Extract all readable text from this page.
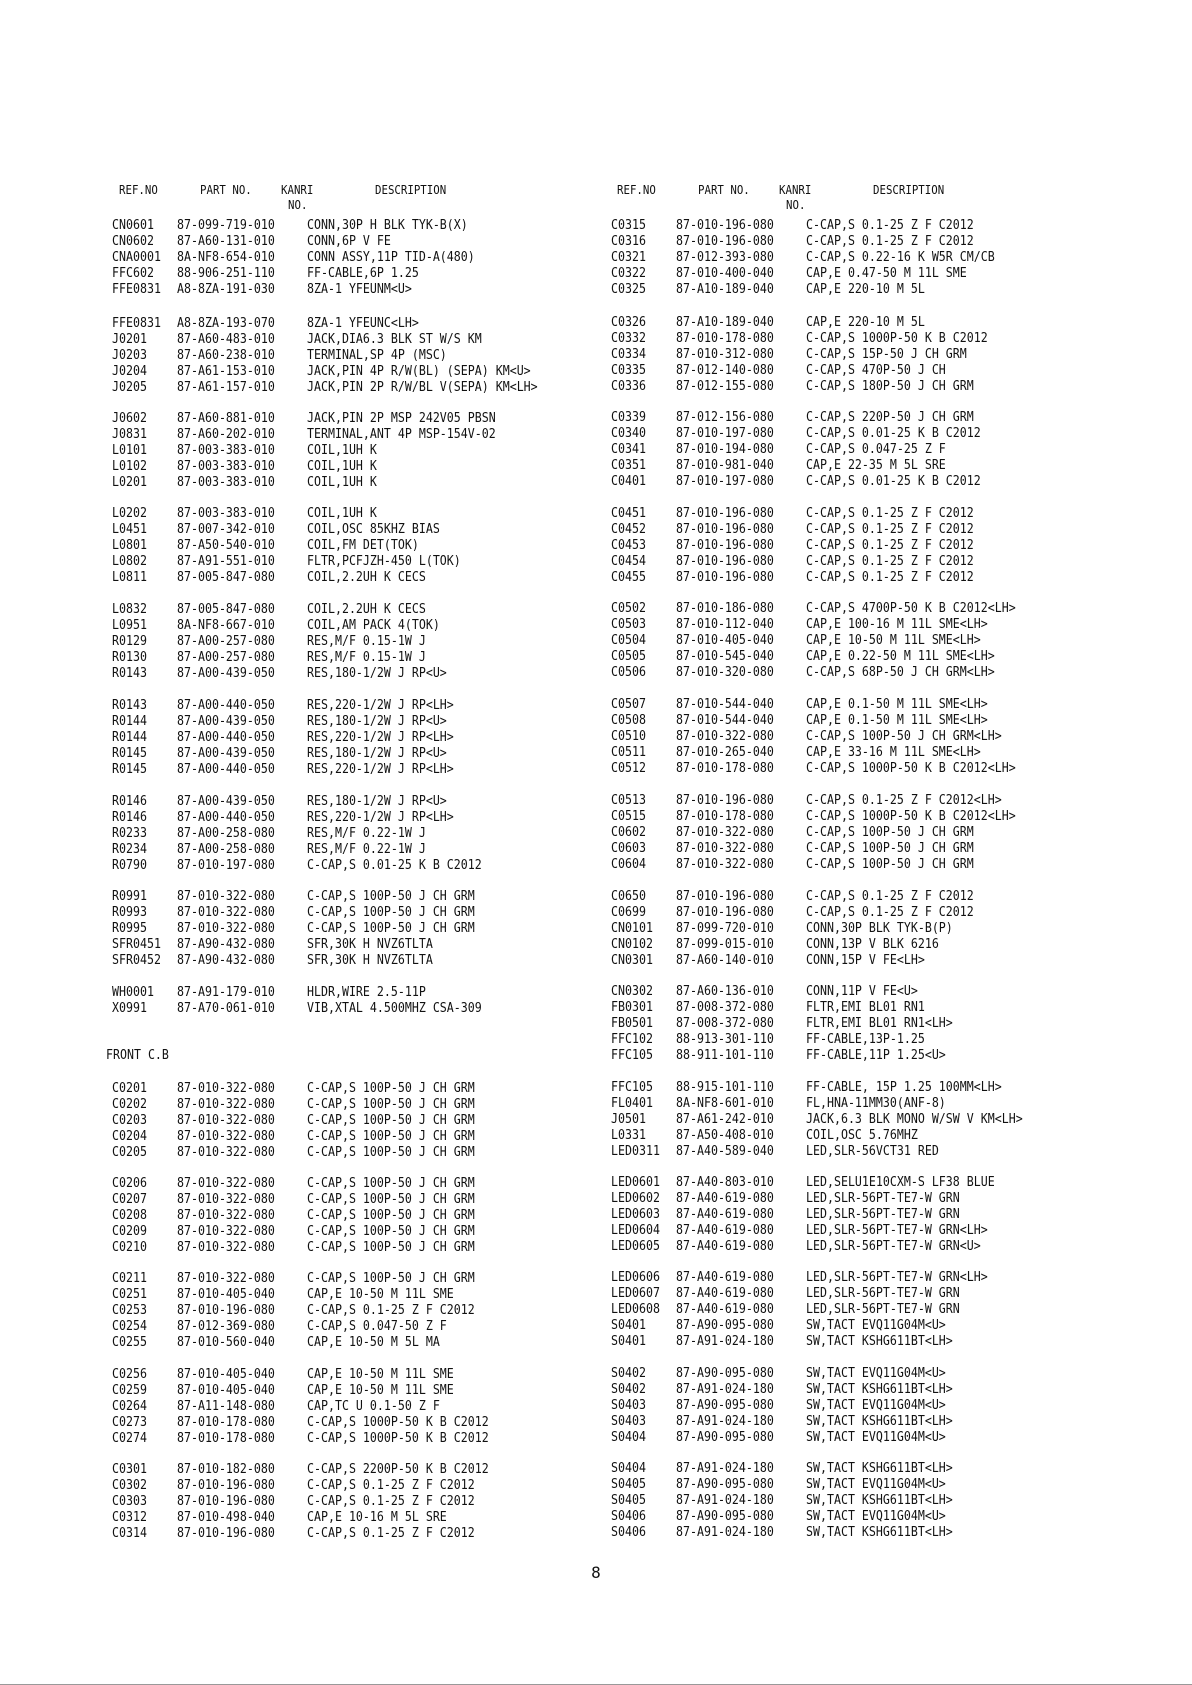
REF.NO	PART NO. KANRI
NO.
DESCRIPTION
FRONT C.B
CN0601 87-099-719-010 CONN,30P H BLK TYK-B(X)
CN0602 87-A60-131-010 CONN,6P V FE
CNA0001 8A-NF8-654-010 CONN ASSY,11P TID-A(480)
FFC602 88-906-251-110 FF-CABLE,6P 1.25
FFE0831 A8-8ZA-191-030 8ZA-1 YFEUNM<U>
FFE0831 A8-8ZA-193-070 8ZA-1 YFEUNC<LH>
J0201 87-A60-483-010 JACK,DIA6.3 BLK ST W/S KM
J0203 87-A60-238-010 TERMINAL,SP 4P (MSC)
J0204 87-A61-153-010 JACK,PIN 4P R/W(BL) (SEPA) KM<U>
J0205 87-A61-157-010 JACK,PIN 2P R/W/BL V(SEPA) KM<LH>
J0602 87-A60-881-010 JACK,PIN 2P MSP 242V05 PBSN
J0831 87-A60-202-010 TERMINAL,ANT 4P MSP-154V-02
L0101 87-003-383-010 COIL,1UH K
L0102 87-003-383-010 COIL,1UH K
L0201 87-003-383-010 COIL,1UH K
L0202 87-003-383-010 COIL,1UH K
L0451 87-007-342-010 COIL,OSC 85KHZ BIAS
L0801 87-A50-540-010 COIL,FM DET(TOK)
L0802 87-A91-551-010 FLTR,PCFJZH-450 L(TOK)
L0811 87-005-847-080 COIL,2.2UH K CECS
L0832 87-005-847-080 COIL,2.2UH K CECS
L0951 8A-NF8-667-010 COIL,AM PACK 4(TOK)
R0129 87-A00-257-080 RES,M/F 0.15-1W J
R0130 87-A00-257-080 RES,M/F 0.15-1W J
R0143 87-A00-439-050 RES,180-1/2W J RP<U>
R0143 87-A00-440-050 RES,220-1/2W J RP<LH>
R0144 87-A00-439-050 RES,180-1/2W J RP<U>
R0144 87-A00-440-050 RES,220-1/2W J RP<LH>
R0145 87-A00-439-050 RES,180-1/2W J RP<U>
R0145 87-A00-440-050 RES,220-1/2W J RP<LH>
R0146 87-A00-439-050 RES,180-1/2W J RP<U>
R0146 87-A00-440-050 RES,220-1/2W J RP<LH>
R0233 87-A00-258-080 RES,M/F 0.22-1W J
R0234 87-A00-258-080 RES,M/F 0.22-1W J
R0790 87-010-197-080 C-CAP,S 0.01-25 K B C2012
R0991 87-010-322-080 C-CAP,S 100P-50 J CH GRM
R0993 87-010-322-080 C-CAP,S 100P-50 J CH GRM
R0995 87-010-322-080 C-CAP,S 100P-50 J CH GRM
SFR0451 87-A90-432-080 SFR,30K H NVZ6TLTA
SFR0452 87-A90-432-080 SFR,30K H NVZ6TLTA
WH0001 87-A91-179-010 HLDR,WIRE 2.5-11P
X0991 87-A70-061-010 VIB,XTAL 4.500MHZ CSA-309
C0201 87-010-322-080 C-CAP,S 100P-50 J CH GRM
C0202 87-010-322-080 C-CAP,S 100P-50 J CH GRM
C0203 87-010-322-080 C-CAP,S 100P-50 J CH GRM
C0204 87-010-322-080 C-CAP,S 100P-50 J CH GRM
C0205 87-010-322-080 C-CAP,S 100P-50 J CH GRM
C0206 87-010-322-080 C-CAP,S 100P-50 J CH GRM
C0207 87-010-322-080 C-CAP,S 100P-50 J CH GRM
C0208 87-010-322-080 C-CAP,S 100P-50 J CH GRM
C0209 87-010-322-080 C-CAP,S 100P-50 J CH GRM
C0210 87-010-322-080 C-CAP,S 100P-50 J CH GRM
C0211 87-010-322-080 C-CAP,S 100P-50 J CH GRM
C0251 87-010-405-040 CAP,E 10-50 M 11L SME
C0253 87-010-196-080 C-CAP,S 0.1-25 Z F C2012
C0254 87-012-369-080 C-CAP,S 0.047-50 Z F
C0255 87-010-560-040 CAP,E 10-50 M 5L MA
C0256 87-010-405-040 CAP,E 10-50 M 11L SME
C0259 87-010-405-040 CAP,E 10-50 M 11L SME
C0264 87-A11-148-080 CAP,TC U 0.1-50 Z F
C0273 87-010-178-080 C-CAP,S 1000P-50 K B C2012
C0274 87-010-178-080 C-CAP,S 1000P-50 K B C2012
C0301 87-010-182-080 C-CAP,S 2200P-50 K B C2012
C0302 87-010-196-080 C-CAP,S 0.1-25 Z F C2012
C0303 87-010-196-080 C-CAP,S 0.1-25 Z F C2012
C0312 87-010-498-040 CAP,E 10-16 M 5L SRE
C0314 87-010-196-080 C-CAP,S 0.1-25 Z F C2012
REF.NO	PART NO. KANRI
NO.
DESCRIPTION
C0315 87-010-196-080 C-CAP,S 0.1-25 Z F C2012
C0316 87-010-196-080 C-CAP,S 0.1-25 Z F C2012
C0321 87-012-393-080 C-CAP,S 0.22-16 K W5R CM/CB
C0322 87-010-400-040 CAP,E 0.47-50 M 11L SME
C0325 87-A10-189-040 CAP,E 220-10 M 5L
C0326 87-A10-189-040 CAP,E 220-10 M 5L
C0332 87-010-178-080 C-CAP,S 1000P-50 K B C2012
C0334 87-010-312-080 C-CAP,S 15P-50 J CH GRM
C0335 87-012-140-080 C-CAP,S 470P-50 J CH
C0336 87-012-155-080 C-CAP,S 180P-50 J CH GRM
C0339 87-012-156-080 C-CAP,S 220P-50 J CH GRM
C0340 87-010-197-080 C-CAP,S 0.01-25 K B C2012
C0341 87-010-194-080 C-CAP,S 0.047-25 Z F
C0351 87-010-981-040 CAP,E 22-35 M 5L SRE
C0401 87-010-197-080 C-CAP,S 0.01-25 K B C2012
C0451 87-010-196-080 C-CAP,S 0.1-25 Z F C2012
C0452 87-010-196-080 C-CAP,S 0.1-25 Z F C2012
C0453 87-010-196-080 C-CAP,S 0.1-25 Z F C2012
C0454 87-010-196-080 C-CAP,S 0.1-25 Z F C2012
C0455 87-010-196-080 C-CAP,S 0.1-25 Z F C2012
C0502 87-010-186-080 C-CAP,S 4700P-50 K B C2012<LH>
C0503 87-010-112-040 CAP,E 100-16 M 11L SME<LH>
C0504 87-010-405-040 CAP,E 10-50 M 11L SME<LH>
C0505 87-010-545-040 CAP,E 0.22-50 M 11L SME<LH>
C0506 87-010-320-080 C-CAP,S 68P-50 J CH GRM<LH>
C0507 87-010-544-040 CAP,E 0.1-50 M 11L SME<LH>
C0508 87-010-544-040 CAP,E 0.1-50 M 11L SME<LH>
C0510 87-010-322-080 C-CAP,S 100P-50 J CH GRM<LH>
C0511 87-010-265-040 CAP,E 33-16 M 11L SME<LH>
C0512 87-010-178-080 C-CAP,S 1000P-50 K B C2012<LH>
C0513 87-010-196-080 C-CAP,S 0.1-25 Z F C2012<LH>
C0515 87-010-178-080 C-CAP,S 1000P-50 K B C2012<LH>
C0602 87-010-322-080 C-CAP,S 100P-50 J CH GRM
C0603 87-010-322-080 C-CAP,S 100P-50 J CH GRM
C0604 87-010-322-080 C-CAP,S 100P-50 J CH GRM
C0650 87-010-196-080 C-CAP,S 0.1-25 Z F C2012
C0699 87-010-196-080 C-CAP,S 0.1-25 Z F C2012
CN0101 87-099-720-010 CONN,30P BLK TYK-B(P)
CN0102 87-099-015-010 CONN,13P V BLK 6216
CN0301 87-A60-140-010 CONN,15P V FE<LH>
CN0302 87-A60-136-010 CONN,11P V FE<U>
FB0301 87-008-372-080 FLTR,EMI BL01 RN1
FB0501 87-008-372-080 FLTR,EMI BL01 RN1<LH>
FFC102 88-913-301-110 FF-CABLE,13P-1.25
FFC105 88-911-101-110 FF-CABLE,11P 1.25<U>
FFC105 88-915-101-110 FF-CABLE, 15P 1.25 100MM<LH>
FL0401 8A-NF8-601-010 FL,HNA-11MM30(ANF-8)
J0501 87-A61-242-010 JACK,6.3 BLK MONO W/SW V KM<LH>
L0331 87-A50-408-010 COIL,OSC 5.76MHZ
LED0311 87-A40-589-040 LED,SLR-56VCT31 RED
LED0601 87-A40-803-010 LED,SELU1E10CXM-S LF38 BLUE
LED0602 87-A40-619-080 LED,SLR-56PT-TE7-W GRN
LED0603 87-A40-619-080 LED,SLR-56PT-TE7-W GRN
LED0604 87-A40-619-080 LED,SLR-56PT-TE7-W GRN<LH>
LED0605 87-A40-619-080 LED,SLR-56PT-TE7-W GRN<U>
LED0606 87-A40-619-080 LED,SLR-56PT-TE7-W GRN<LH>
LED0607 87-A40-619-080 LED,SLR-56PT-TE7-W GRN
LED0608 87-A40-619-080 LED,SLR-56PT-TE7-W GRN
S0401 87-A90-095-080 SW,TACT EVQ11G04M<U>
S0401 87-A91-024-180 SW,TACT KSHG611BT<LH>
S0402 87-A90-095-080 SW,TACT EVQ11G04M<U>
S0402 87-A91-024-180 SW,TACT KSHG611BT<LH>
S0403 87-A90-095-080 SW,TACT EVQ11G04M<U>
S0403 87-A91-024-180 SW,TACT KSHG611BT<LH>
S0404 87-A90-095-080 SW,TACT EVQ11G04M<U>
S0404 87-A91-024-180 SW,TACT KSHG611BT<LH>
S0405 87-A90-095-080 SW,TACT EVQ11G04M<U>
S0405 87-A91-024-180 SW,TACT KSHG611BT<LH>
S0406 87-A90-095-080 SW,TACT EVQ11G04M<U>
S0406 87-A91-024-180 SW,TACT KSHG611BT<LH>
8
